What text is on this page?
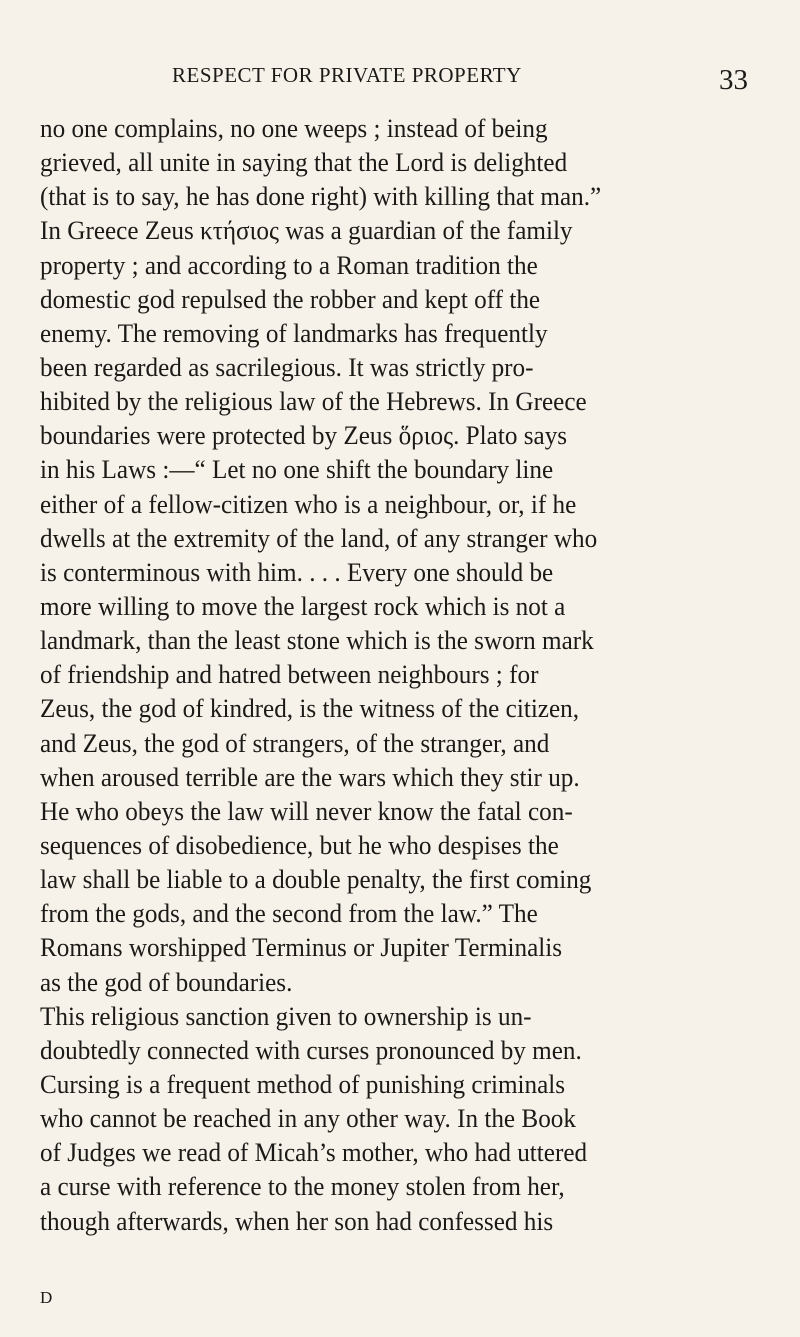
RESPECT FOR PRIVATE PROPERTY	33
no one complains, no one weeps ; instead of being
grieved, all unite in saying that the Lord is delighted
(that is to say, he has done right) with killing that man.”
In Greece Zeus κτήσιος was a guardian of the family
property ; and according to a Roman tradition the
domestic god repulsed the robber and kept off the
enemy. The removing of landmarks has frequently
been regarded as sacrilegious. It was strictly pro-
hibited by the religious law of the Hebrews. In Greece
boundaries were protected by Zeus ὅριος. Plato says
in his Laws :—“ Let no one shift the boundary line
either of a fellow-citizen who is a neighbour, or, if he
dwells at the extremity of the land, of any stranger who
is conterminous with him. . . . Every one should be
more willing to move the largest rock which is not a
landmark, than the least stone which is the sworn mark
of friendship and hatred between neighbours ; for
Zeus, the god of kindred, is the witness of the citizen,
and Zeus, the god of strangers, of the stranger, and
when aroused terrible are the wars which they stir up.
He who obeys the law will never know the fatal con-
sequences of disobedience, but he who despises the
law shall be liable to a double penalty, the first coming
from the gods, and the second from the law.” The
Romans worshipped Terminus or Jupiter Terminalis
as the god of boundaries.
This religious sanction given to ownership is un-
doubtedly connected with curses pronounced by men.
Cursing is a frequent method of punishing criminals
who cannot be reached in any other way. In the Book
of Judges we read of Micah’s mother, who had uttered
a curse with reference to the money stolen from her,
though afterwards, when her son had confessed his
D
